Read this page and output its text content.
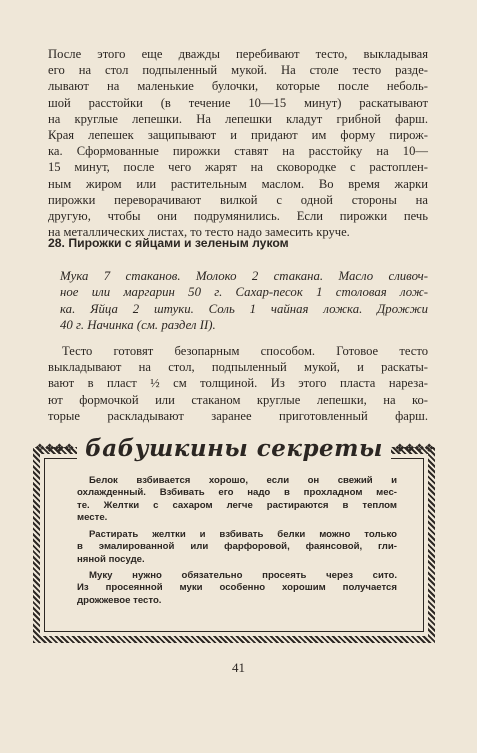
После этого еще дважды перебивают тесто, выкладывая
его на стол подпыленный мукой. На столе тесто разде-
лывают на маленькие булочки, которые после неболь-
шой расстойки (в течение 10—15 минут) раскатывают
на круглые лепешки. На лепешки кладут грибной фарш.
Края лепешек защипывают и придают им форму пирож-
ка. Сформованные пирожки ставят на расстойку на 10—
15 минут, после чего жарят на сковородке с растоплен-
ным жиром или растительным маслом. Во время жарки
пирожки переворачивают вилкой с одной стороны на
другую, чтобы они подрумянились. Если пирожки печь
на металлических листах, то тесто надо замесить круче.
28. Пирожки с яйцами и зеленым луком
Мука 7 стаканов. Молоко 2 стакана. Масло сливоч-
ное или маргарин 50 г. Сахар-песок 1 столовая лож-
ка. Яйца 2 штуки. Соль 1 чайная ложка. Дрожжи
40 г. Начинка (см. раздел II).
Тесто готовят безопарным способом. Готовое тесто
выкладывают на стол, подпыленный мукой, и раскаты-
вают в пласт ½ см толщиной. Из этого пласта нареза-
ют формочкой или стаканом круглые лепешки, на ко-
торые раскладывают заранее приготовленный фарш.
❖❖❖❖	❖❖❖❖
бабушкины секреты
Белок взбивается хорошо, если он свежий и
охлажденный. Взбивать его надо в прохладном мес-
те. Желтки с сахаром легче растираются в теплом
месте.
Растирать желтки и взбивать белки можно только
в эмалированной или фарфоровой, фаянсовой, гли-
няной посуде.
Муку нужно обязательно просеять через сито.
Из просеянной муки особенно хорошим получается
дрожжевое тесто.

41
